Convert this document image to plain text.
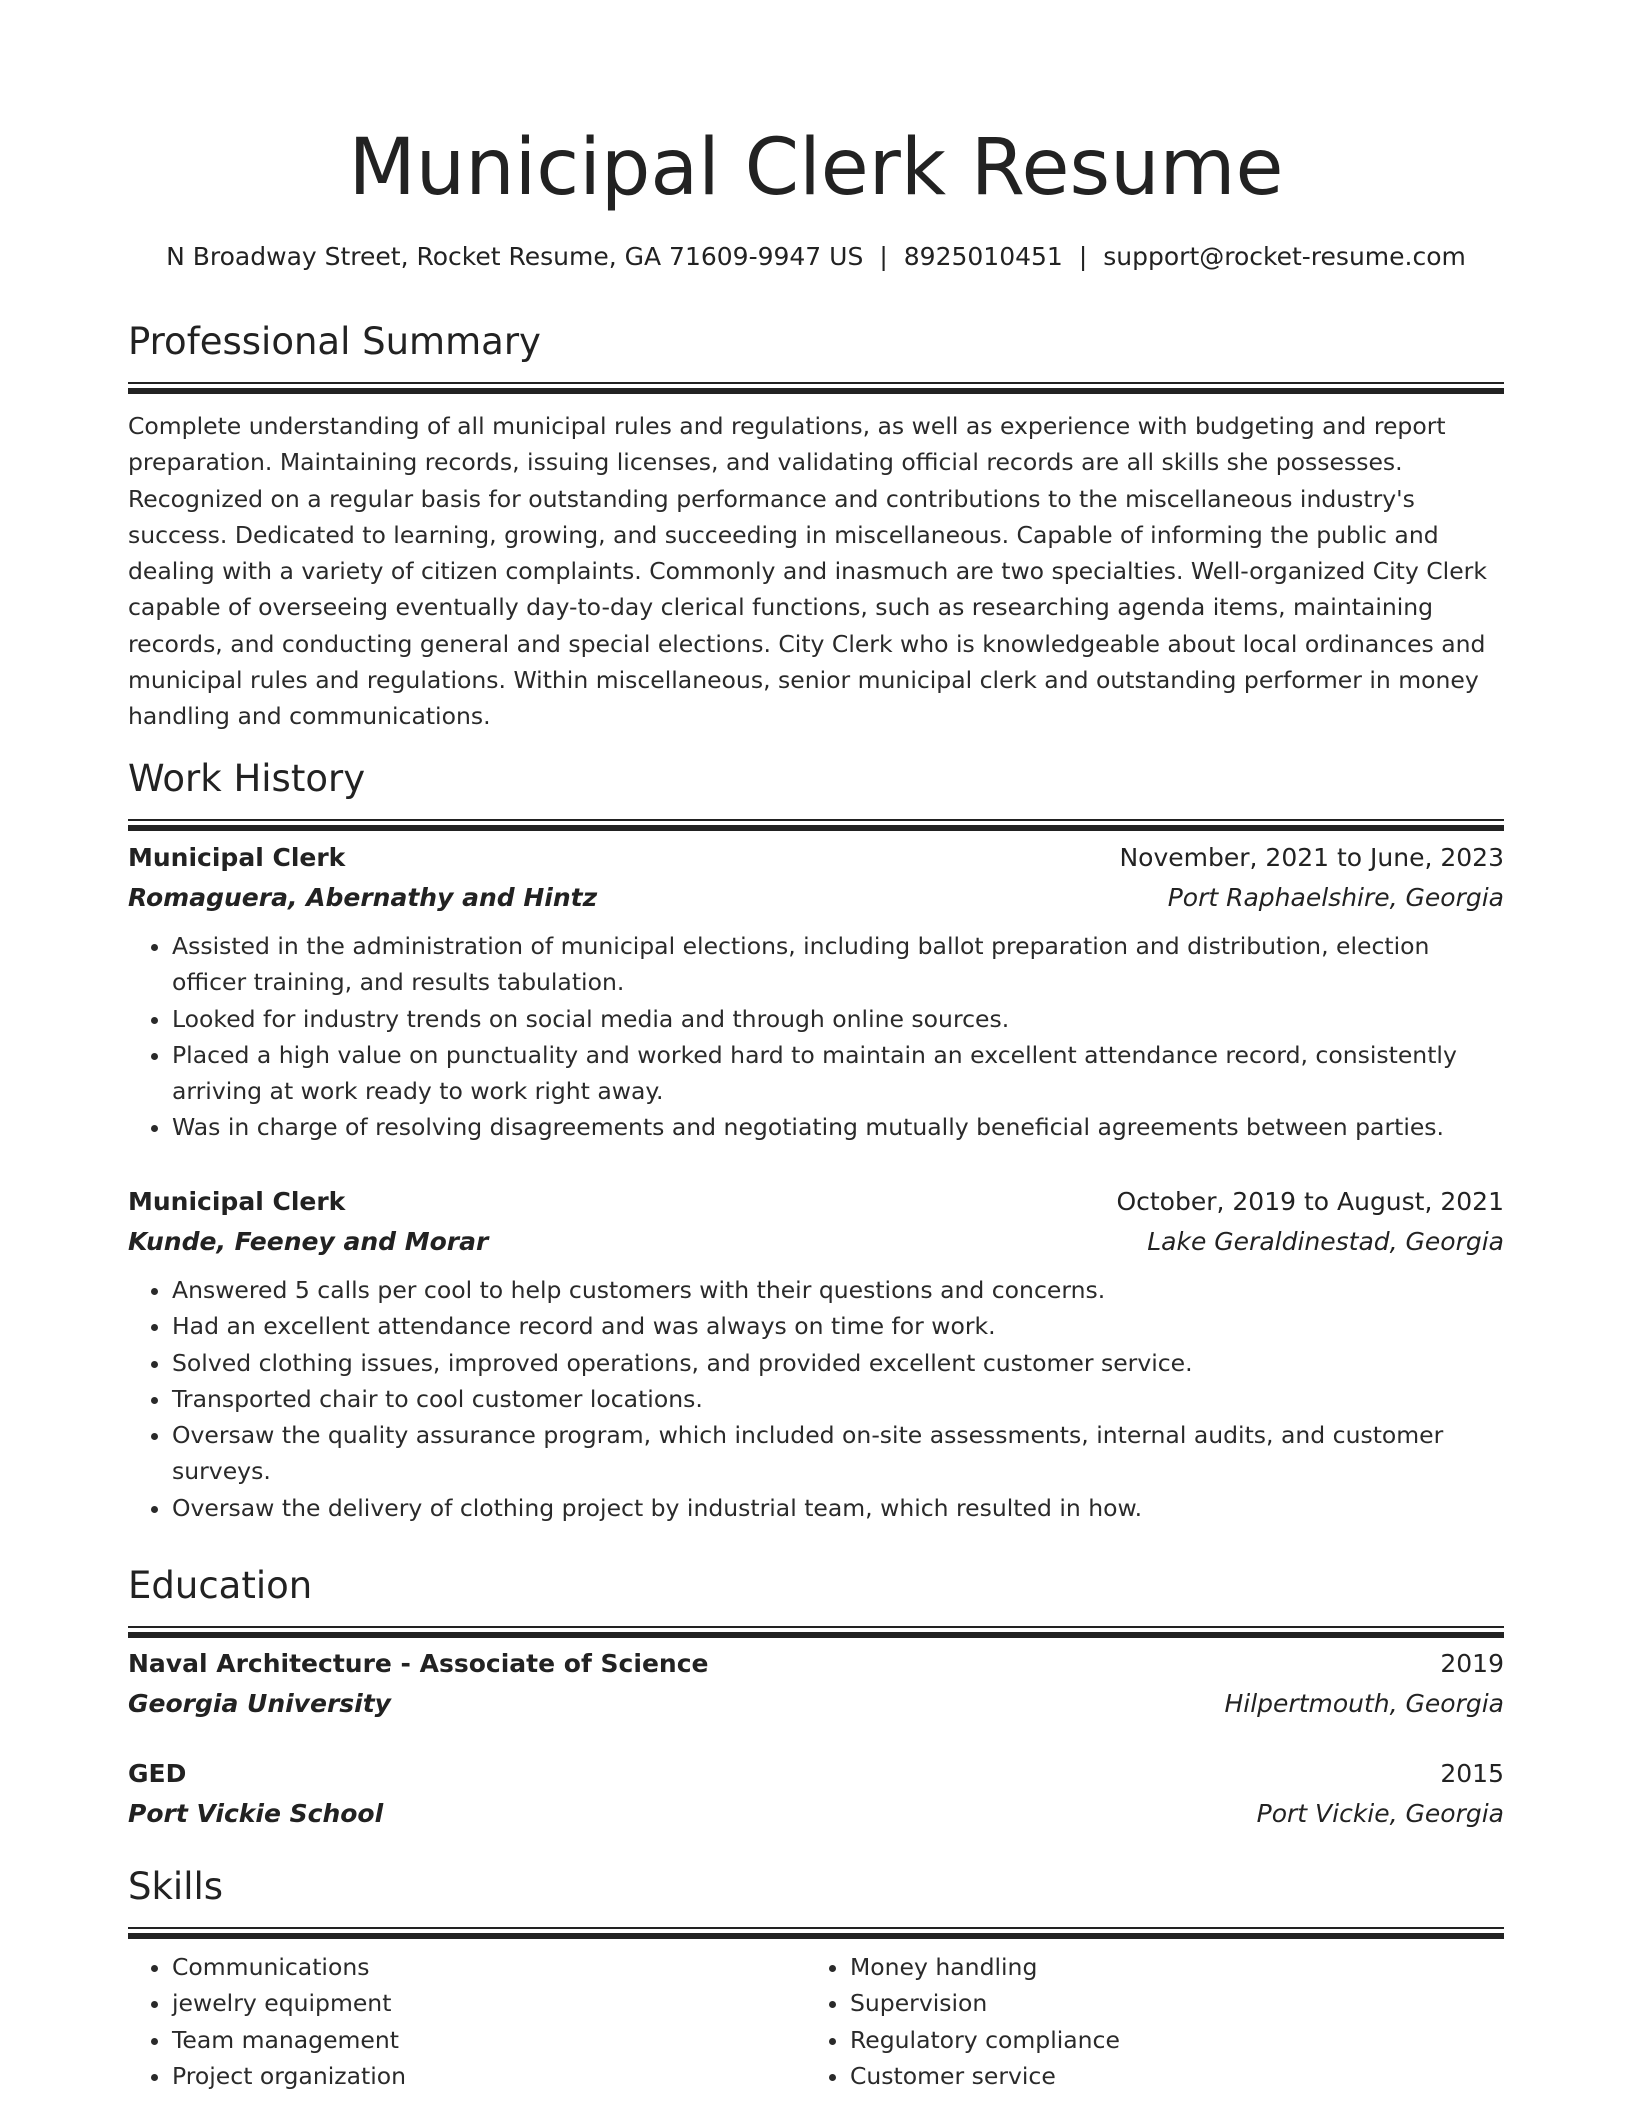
Municipal Clerk Resume
N Broadway Street, Rocket Resume, GA 71609-9947 US | 8925010451 | support@rocket-resume.com
Professional Summary

Complete understanding of all municipal rules and regulations, as well as experience with budgeting and report preparation. Maintaining records, issuing licenses, and validating official records are all skills she possesses. Recognized on a regular basis for outstanding performance and contributions to the miscellaneous industry's success. Dedicated to learning, growing, and succeeding in miscellaneous. Capable of informing the public and dealing with a variety of citizen complaints. Commonly and inasmuch are two specialties. Well-organized City Clerk capable of overseeing eventually day-to-day clerical functions, such as researching agenda items, maintaining records, and conducting general and special elections. City Clerk who is knowledgeable about local ordinances and municipal rules and regulations. Within miscellaneous, senior municipal clerk and outstanding performer in money handling and communications.

Work History
Municipal Clerk	November, 2021 to June, 2023
Romaguera, Abernathy and Hintz	Port Raphaelshire, Georgia
• Assisted in the administration of municipal elections, including ballot preparation and distribution, election officer training, and results tabulation.
• Looked for industry trends on social media and through online sources.
• Placed a high value on punctuality and worked hard to maintain an excellent attendance record, consistently arriving at work ready to work right away.
• Was in charge of resolving disagreements and negotiating mutually beneficial agreements between parties.
Municipal Clerk	October, 2019 to August, 2021
Kunde, Feeney and Morar	Lake Geraldinestad, Georgia
• Answered 5 calls per cool to help customers with their questions and concerns.
• Had an excellent attendance record and was always on time for work.
• Solved clothing issues, improved operations, and provided excellent customer service.
• Transported chair to cool customer locations.
• Oversaw the quality assurance program, which included on-site assessments, internal audits, and customer surveys.
• Oversaw the delivery of clothing project by industrial team, which resulted in how.
Education
Naval Architecture - Associate of Science	2019
Georgia University	Hilpertmouth, Georgia
GED	2015
Port Vickie School	Port Vickie, Georgia
Skills
• Communications
• jewelry equipment
• Team management
• Project organization
• Money handling
• Supervision
• Regulatory compliance
• Customer service
